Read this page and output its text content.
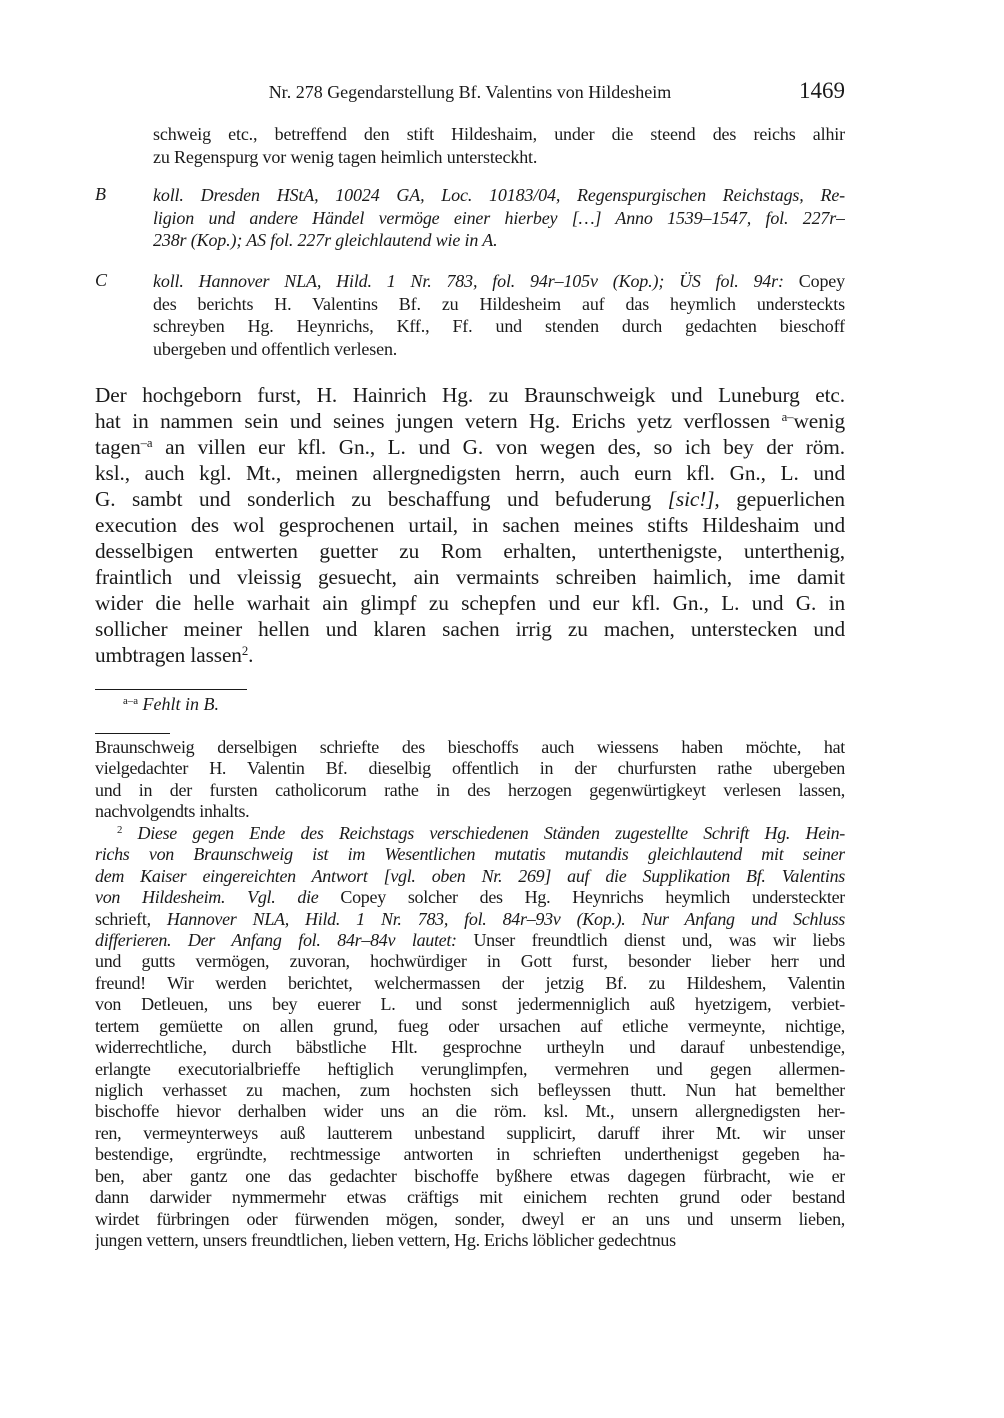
Nr. 278 Gegendarstellung Bf. Valentins von Hildesheim	1469
schweig etc., betreffend den stift Hildeshaim, under die steend des reichs alhir
zu Regenspurg vor wenig tagen heimlich untersteckht.
B	koll. Dresden HStA, 10024 GA, Loc. 10183/04, Regenspurgischen Reichstags, Re-
ligion und andere Händel vermöge einer hierbey […] Anno 1539–1547, fol. 227r–
238r (Kop.); AS fol. 227r gleichlautend wie in A.
C	koll. Hannover NLA, Hild. 1 Nr. 783, fol. 94r–105v (Kop.); ÜS fol. 94r: Copey
des berichts H. Valentins Bf. zu Hildesheim auf das heymlich understeckts
schreyben Hg. Heynrichs, Kff., Ff. und stenden durch gedachten bieschoff
ubergeben und offentlich verlesen.
Der hochgeborn furst, H. Hainrich Hg. zu Braunschweigk und Luneburg etc.
hat in nammen sein und seines jungen vetern Hg. Erichs yetz verflossen $^{a-}$wenig
tagen$^{-a}$ an villen eur kfl. Gn., L. und G. von wegen des, so ich bey der röm.
ksl., auch kgl. Mt., meinen allergnedigsten herrn, auch eurn kfl. Gn., L. und
G. sambt und sonderlich zu beschaffung und befuderung [sic!], gepuerlichen
execution des wol gesprochenen urtail, in sachen meines stifts Hildeshaim und
desselbigen entwerten guetter zu Rom erhalten, unterthenigste, unterthenig,
fraintlich und vleissig gesuecht, ain vermaints schreiben haimlich, ime damit
wider die helle warhait ain glimpf zu schepfen und eur kfl. Gn., L. und G. in
sollicher meiner hellen und klaren sachen irrig zu machen, unterstecken und
umbtragen lassen$^2$.
$^{a-a}$ Fehlt in B.
Braunschweig derselbigen schriefte des bieschoffs auch wiessens haben möchte, hat
vielgedachter H. Valentin Bf. dieselbig offentlich in der churfursten rathe ubergeben
und in der fursten catholicorum rathe in des herzogen gegenwürtigkeyt verlesen lassen,
nachvolgendts inhalts.
$^2$ Diese gegen Ende des Reichstags verschiedenen Ständen zugestellte Schrift Hg. Hein-
richs von Braunschweig ist im Wesentlichen mutatis mutandis gleichlautend mit seiner
dem Kaiser eingereichten Antwort [vgl. oben Nr. 269] auf die Supplikation Bf. Valentins
von Hildesheim. Vgl. die Copey solcher des Hg. Heynrichs heymlich understeckter
schrieft, Hannover NLA, Hild. 1 Nr. 783, fol. 84r–93v (Kop.). Nur Anfang und Schluss
differieren. Der Anfang fol. 84r–84v lautet: Unser freundtlich dienst und, was wir liebs
und gutts vermögen, zuvoran, hochwürdiger in Gott furst, besonder lieber herr und
freund! Wir werden berichtet, welchermassen der jetzig Bf. zu Hildeshem, Valentin
von Detleuen, uns bey euerer L. und sonst jedermenniglich auß hyetzigem, verbiet-
tertem gemüette on allen grund, fueg oder ursachen auf etliche vermeynte, nichtige,
widerrechtliche, durch bäbstliche Hlt. gesprochne urtheyln und darauf unbestendige,
erlangte executorialbrieffe heftiglich verunglimpfen, vermehren und gegen allermen-
niglich verhasset zu machen, zum hochsten sich befleyssen thutt. Nun hat bemelther
bischoffe hievor derhalben wider uns an die röm. ksl. Mt., unsern allergnedigsten her-
ren, vermeynterweys auß lautterem unbestand supplicirt, daruff ihrer Mt. wir unser
bestendige, ergründte, rechtmessige antworten in schrieften underthenigst gegeben ha-
ben, aber gantz one das gedachter bischoffe byßhere etwas dagegen fürbracht, wie er
dann darwider nymmermehr etwas cräftigs mit einichem rechten grund oder bestand
wirdet fürbringen oder fürwenden mögen, sonder, dweyl er an uns und unserm lieben,
jungen vettern, unsers freundtlichen, lieben vettern, Hg. Erichs löblicher gedechtnus
